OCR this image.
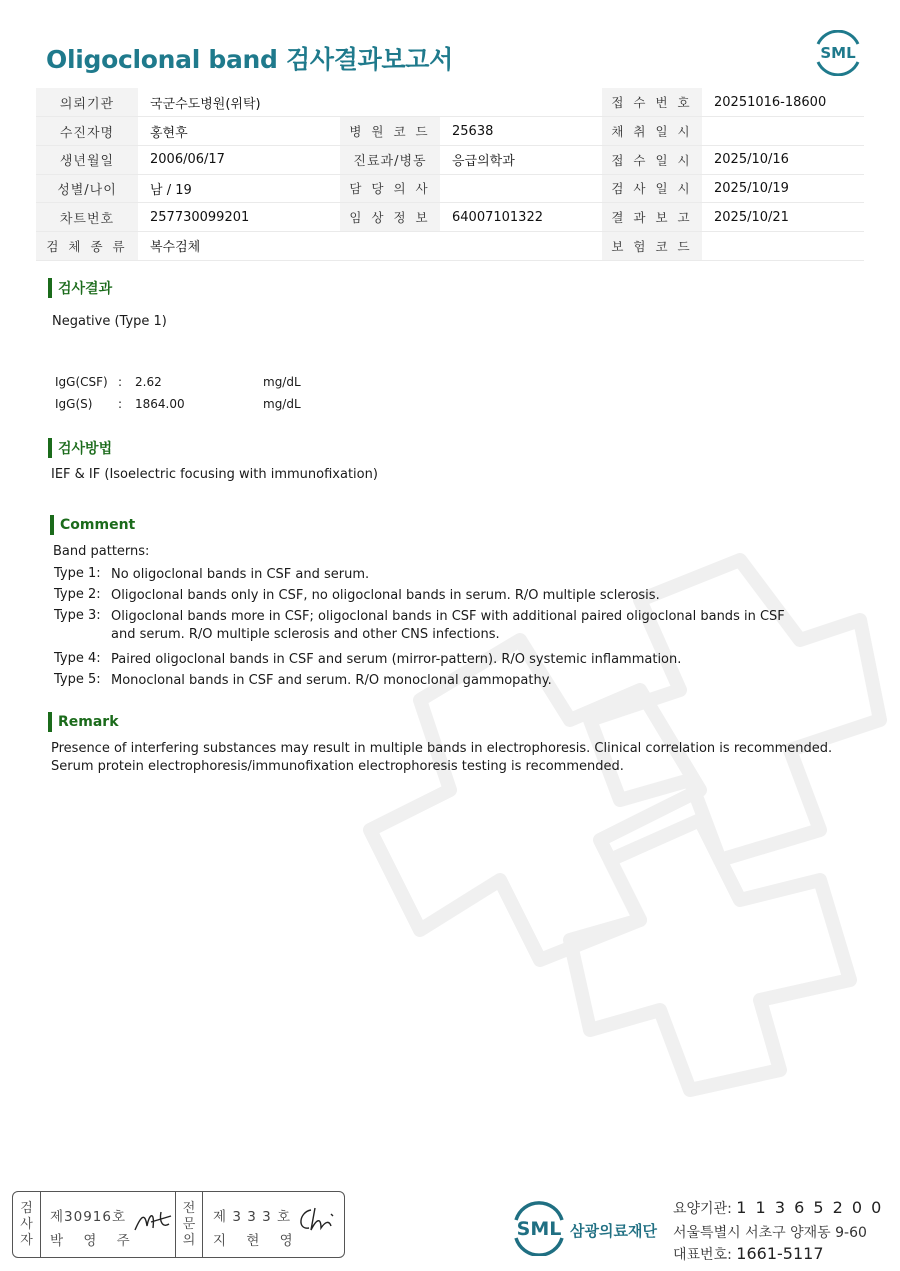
Oligoclonal band 검사결과보고서	SML
의뢰기관	국군수도병원(위탁)			접 수 번 호	20251016-18600
수진자명	홍현후	병 원 코 드	25638	채 취 일 시	
생년월일	2006/06/17	진료과/병동	응급의학과	접 수 일 시	2025/10/16
성별/나이	남 / 19	담 당 의 사		검 사 일 시	2025/10/19
차트번호	257730099201	임 상 정 보	64007101322	결 과 보 고	2025/10/21
검 체 종 류	복수검체			보 험 코 드	
검사결과
Negative (Type 1)
IgG(CSF) : 2.62	mg/dL
IgG(S) : 1864.00	mg/dL
검사방법
IEF & IF (Isoelectric focusing with immunofixation)
Comment
Band patterns:
Type 1: No oligoclonal bands in CSF and serum.
Type 2: Oligoclonal bands only in CSF, no oligoclonal bands in serum. R/O multiple sclerosis.
Type 3: Oligoclonal bands more in CSF; oligoclonal bands in CSF with additional paired oligoclonal bands in CSF and serum. R/O multiple sclerosis and other CNS infections.
Type 4: Paired oligoclonal bands in CSF and serum (mirror-pattern). R/O systemic inflammation.
Type 5: Monoclonal bands in CSF and serum. R/O monoclonal gammopathy.
Remark
Presence of interfering substances may result in multiple bands in electrophoresis. Clinical correlation is recommended.
Serum protein electrophoresis/immunofixation electrophoresis testing is recommended.
검
사
자
제30916호
박 영 주
전
문
의
제 3 3 3 호
지 현 영
SML 삼광의료재단
요양기관: 1 1 3 6 5 2 0 0
서울특별시 서초구 양재동 9-60
대표번호: 1661-5117
